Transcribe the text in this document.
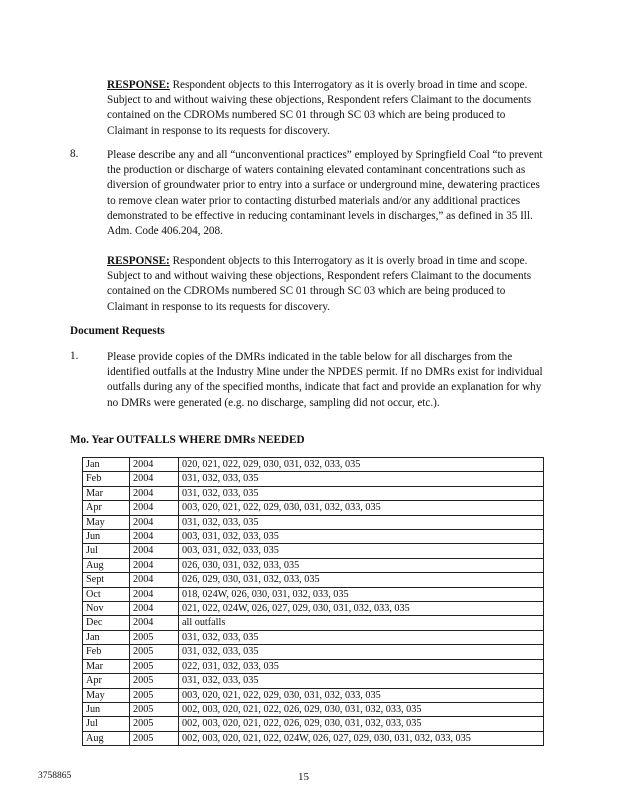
RESPONSE: Respondent objects to this Interrogatory as it is overly broad in time and scope. Subject to and without waiving these objections, Respondent refers Claimant to the documents contained on the CDROMs numbered SC 01 through SC 03 which are being produced to Claimant in response to its requests for discovery.
8.	Please describe any and all “unconventional practices” employed by Springfield Coal “to prevent the production or discharge of waters containing elevated contaminant concentrations such as diversion of groundwater prior to entry into a surface or underground mine, dewatering practices to remove clean water prior to contacting disturbed materials and/or any additional practices demonstrated to be effective in reducing contaminant levels in discharges,” as defined in 35 Ill. Adm. Code 406.204, 208.
RESPONSE: Respondent objects to this Interrogatory as it is overly broad in time and scope. Subject to and without waiving these objections, Respondent refers Claimant to the documents contained on the CDROMs numbered SC 01 through SC 03 which are being produced to Claimant in response to its requests for discovery.
Document Requests
1.	Please provide copies of the DMRs indicated in the table below for all discharges from the identified outfalls at the Industry Mine under the NPDES permit. If no DMRs exist for individual outfalls during any of the specified months, indicate that fact and provide an explanation for why no DMRs were generated (e.g. no discharge, sampling did not occur, etc.).
Mo. Year OUTFALLS WHERE DMRs NEEDED
Jan	2004	020, 021, 022, 029, 030, 031, 032, 033, 035
Feb	2004	031, 032, 033, 035
Mar	2004	031, 032, 033, 035
Apr	2004	003, 020, 021, 022, 029, 030, 031, 032, 033, 035
May	2004	031, 032, 033, 035
Jun	2004	003, 031, 032, 033, 035
Jul	2004	003, 031, 032, 033, 035
Aug	2004	026, 030, 031, 032, 033, 035
Sept	2004	026, 029, 030, 031, 032, 033, 035
Oct	2004	018, 024W, 026, 030, 031, 032, 033, 035
Nov	2004	021, 022, 024W, 026, 027, 029, 030, 031, 032, 033, 035
Dec	2004	all outfalls
Jan	2005	031, 032, 033, 035
Feb	2005	031, 032, 033, 035
Mar	2005	022, 031, 032, 033, 035
Apr	2005	031, 032, 033, 035
May	2005	003, 020, 021, 022, 029, 030, 031, 032, 033, 035
Jun	2005	002, 003, 020, 021, 022, 026, 029, 030, 031, 032, 033, 035
Jul	2005	002, 003, 020, 021, 022, 026, 029, 030, 031, 032, 033, 035
Aug	2005	002, 003, 020, 021, 022, 024W, 026, 027, 029, 030, 031, 032, 033, 035
3758865	15
